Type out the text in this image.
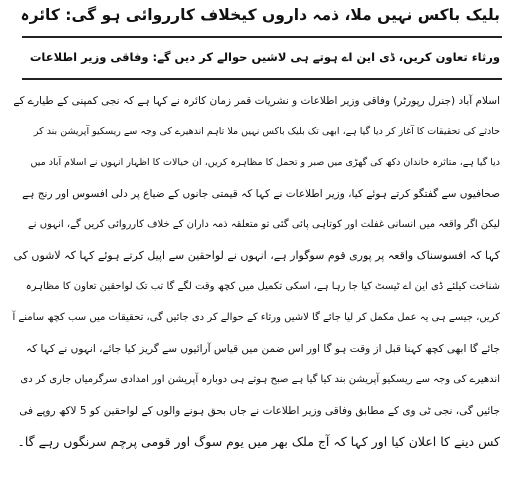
بلیک باکس نہیں ملا، ذمہ داروں کیخلاف کارروائی ہو گی: کائرہ
ورثاء تعاون کریں، ڈی این اے ہوتے ہی لاشیں حوالے کر دیں گے: وفاقی وزیر اطلاعات
اسلام آباد (جنرل رپورٹر) وفاقی وزیر اطلاعات و نشریات قمر زمان کائرہ نے کہا ہے کہ نجی کمپنی کے طیارے کے
حادثے کی تحقیقات کا آغاز کر دیا گیا ہے، ابھی تک بلیک باکس نہیں ملا تاہم اندھیرے کی وجہ سے ریسکیو آپریشن بند کر
دیا گیا ہے، متاثرہ خاندان دکھ کی گھڑی میں صبر و تحمل کا مظاہرہ کریں، ان خیالات کا اظہار انہوں نے اسلام آباد میں
صحافیوں سے گفتگو کرتے ہوئے کیا، وزیر اطلاعات نے کہا کہ قیمتی جانوں کے ضیاع پر دلی افسوس اور رنج ہے
لیکن اگر واقعہ میں انسانی غفلت اور کوتاہی پائی گئی تو متعلقہ ذمہ داران کے خلاف کارروائی کریں گے، انہوں نے
کہا کہ افسوسناک واقعہ پر پوری قوم سوگوار ہے، انہوں نے لواحقین سے اپیل کرتے ہوئے کہا کہ لاشوں کی
شناخت کیلئے ڈی این اے ٹیسٹ کیا جا رہا ہے، اسکی تکمیل میں کچھ وقت لگے گا تب تک لواحقین تعاون کا مظاہرہ
کریں، جیسے ہی یہ عمل مکمل کر لیا جائے گا لاشیں ورثاء کے حوالے کر دی جائیں گی، تحقیقات میں سب کچھ سامنے آ
جائے گا ابھی کچھ کہنا قبل از وقت ہو گا اور اس ضمن میں قیاس آرائیوں سے گریز کیا جائے، انہوں نے کہا کہ
اندھیرے کی وجہ سے ریسکیو آپریشن بند کیا گیا ہے صبح ہوتے ہی دوبارہ آپریشن اور امدادی سرگرمیاں جاری کر دی
جائیں گی، نجی ٹی وی کے مطابق وفاقی وزیر اطلاعات نے جاں بحق ہونے والوں کے لواحقین کو 5 لاکھ روپے فی
کس دینے کا اعلان کیا اور کہا کہ آج ملک بھر میں یوم سوگ اور قومی پرچم سرنگوں رہے گا۔
